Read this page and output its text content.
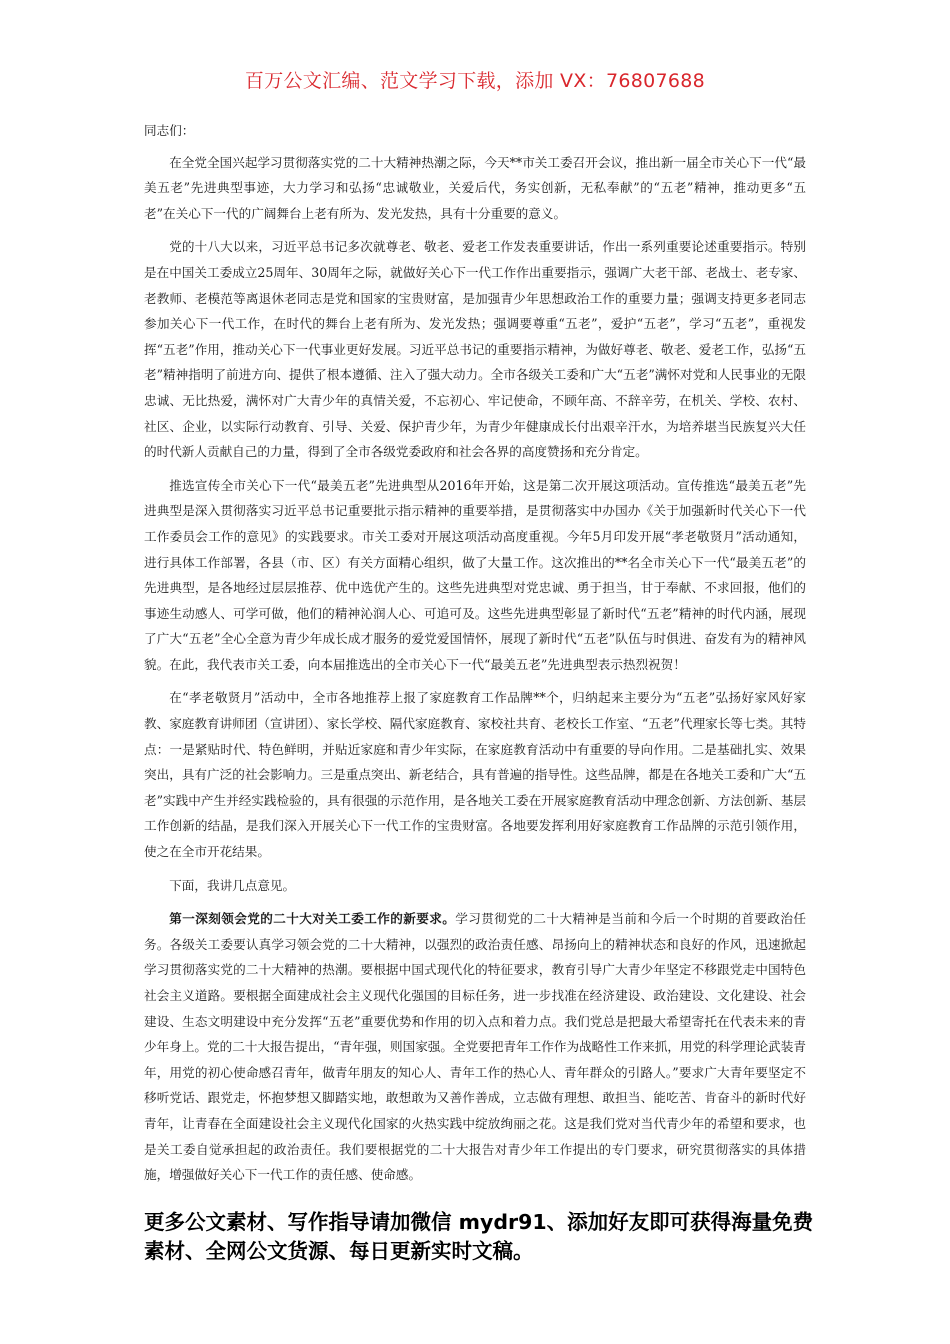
百万公文汇编、范文学习下载，添加 VX：76807688

同志们：

在全党全国兴起学习贯彻落实党的二十大精神热潮之际，今天**市关工委召开会议，推出新一届全市关心下一代“最美五老”先进典型事迹，大力学习和弘扬“忠诚敬业，关爱后代，务实创新，无私奉献”的“五老”精神，推动更多“五老”在关心下一代的广阔舞台上老有所为、发光发热，具有十分重要的意义。

党的十八大以来，习近平总书记多次就尊老、敬老、爱老工作发表重要讲话，作出一系列重要论述重要指示。特别是在中国关工委成立25周年、30周年之际，就做好关心下一代工作作出重要指示，强调广大老干部、老战士、老专家、老教师、老模范等离退休老同志是党和国家的宝贵财富，是加强青少年思想政治工作的重要力量；强调支持更多老同志参加关心下一代工作，在时代的舞台上老有所为、发光发热；强调要尊重“五老”，爱护“五老”，学习“五老”，重视发挥“五老”作用，推动关心下一代事业更好发展。习近平总书记的重要指示精神，为做好尊老、敬老、爱老工作，弘扬“五老”精神指明了前进方向、提供了根本遵循、注入了强大动力。全市各级关工委和广大“五老”满怀对党和人民事业的无限忠诚、无比热爱，满怀对广大青少年的真情关爱，不忘初心、牢记使命，不顾年高、不辞辛劳，在机关、学校、农村、社区、企业，以实际行动教育、引导、关爱、保护青少年，为青少年健康成长付出艰辛汗水，为培养堪当民族复兴大任的时代新人贡献自己的力量，得到了全市各级党委政府和社会各界的高度赞扬和充分肯定。

推选宣传全市关心下一代“最美五老”先进典型从2016年开始，这是第二次开展这项活动。宣传推选“最美五老”先进典型是深入贯彻落实习近平总书记重要批示指示精神的重要举措，是贯彻落实中办国办《关于加强新时代关心下一代工作委员会工作的意见》的实践要求。市关工委对开展这项活动高度重视。今年5月印发开展“孝老敬贤月”活动通知，进行具体工作部署，各县（市、区）有关方面精心组织，做了大量工作。这次推出的**名全市关心下一代“最美五老”的先进典型，是各地经过层层推荐、优中选优产生的。这些先进典型对党忠诚、勇于担当，甘于奉献、不求回报，他们的事迹生动感人、可学可做，他们的精神沁润人心、可追可及。这些先进典型彰显了新时代“五老”精神的时代内涵，展现了广大“五老”全心全意为青少年成长成才服务的爱党爱国情怀，展现了新时代“五老”队伍与时俱进、奋发有为的精神风貌。在此，我代表市关工委，向本届推选出的全市关心下一代“最美五老”先进典型表示热烈祝贺！

在“孝老敬贤月”活动中，全市各地推荐上报了家庭教育工作品牌**个，归纳起来主要分为“五老”弘扬好家风好家教、家庭教育讲师团（宣讲团）、家长学校、隔代家庭教育、家校社共育、老校长工作室、“五老”代理家长等七类。其特点：一是紧贴时代、特色鲜明，并贴近家庭和青少年实际，在家庭教育活动中有重要的导向作用。二是基础扎实、效果突出，具有广泛的社会影响力。三是重点突出、新老结合，具有普遍的指导性。这些品牌，都是在各地关工委和广大“五老”实践中产生并经实践检验的，具有很强的示范作用，是各地关工委在开展家庭教育活动中理念创新、方法创新、基层工作创新的结晶，是我们深入开展关心下一代工作的宝贵财富。各地要发挥利用好家庭教育工作品牌的示范引领作用，使之在全市开花结果。

下面，我讲几点意见。

第一深刻领会党的二十大对关工委工作的新要求。学习贯彻党的二十大精神是当前和今后一个时期的首要政治任务。各级关工委要认真学习领会党的二十大精神，以强烈的政治责任感、昂扬向上的精神状态和良好的作风，迅速掀起学习贯彻落实党的二十大精神的热潮。要根据中国式现代化的特征要求，教育引导广大青少年坚定不移跟党走中国特色社会主义道路。要根据全面建成社会主义现代化强国的目标任务，进一步找准在经济建设、政治建设、文化建设、社会建设、生态文明建设中充分发挥“五老”重要优势和作用的切入点和着力点。我们党总是把最大希望寄托在代表未来的青少年身上。党的二十大报告提出，“青年强，则国家强。全党要把青年工作作为战略性工作来抓，用党的科学理论武装青年，用党的初心使命感召青年，做青年朋友的知心人、青年工作的热心人、青年群众的引路人。”要求广大青年要坚定不移听党话、跟党走，怀抱梦想又脚踏实地，敢想敢为又善作善成，立志做有理想、敢担当、能吃苦、肯奋斗的新时代好青年，让青春在全面建设社会主义现代化国家的火热实践中绽放绚丽之花。这是我们党对当代青少年的希望和要求，也是关工委自觉承担起的政治责任。我们要根据党的二十大报告对青少年工作提出的专门要求，研究贯彻落实的具体措施，增强做好关心下一代工作的责任感、使命感。

更多公文素材、写作指导请加微信 mydr91、添加好友即可获得海量免费素材、全网公文货源、每日更新实时文稿。
